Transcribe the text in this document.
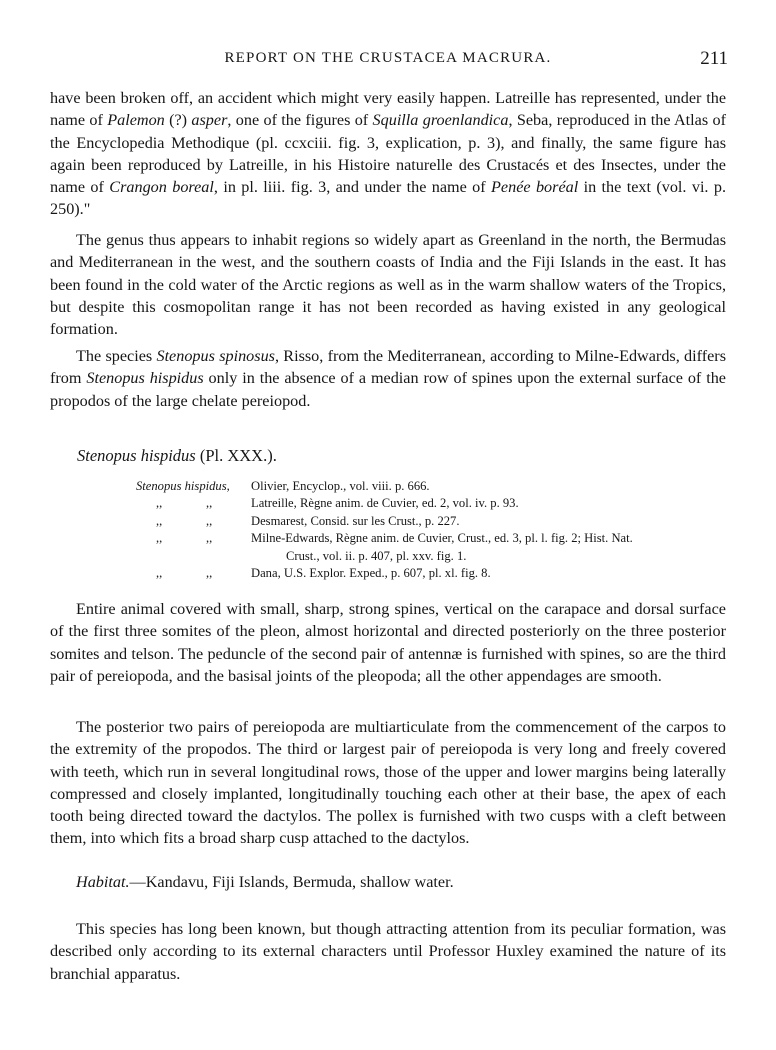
REPORT ON THE CRUSTACEA MACRURA.	211

have been broken off, an accident which might very easily happen. Latreille has represented, under the name of Palemon (?) asper, one of the figures of Squilla groenlandica, Seba, reproduced in the Atlas of the Encyclopedia Methodique (pl. ccxciii. fig. 3, explication, p. 3), and finally, the same figure has again been reproduced by Latreille, in his Histoire naturelle des Crustacés et des Insectes, under the name of Crangon boreal, in pl. liii. fig. 3, and under the name of Penée boréal in the text (vol. vi. p. 250)."

The genus thus appears to inhabit regions so widely apart as Greenland in the north, the Bermudas and Mediterranean in the west, and the southern coasts of India and the Fiji Islands in the east. It has been found in the cold water of the Arctic regions as well as in the warm shallow waters of the Tropics, but despite this cosmopolitan range it has not been recorded as having existed in any geological formation.

The species Stenopus spinosus, Risso, from the Mediterranean, according to Milne-Edwards, differs from Stenopus hispidus only in the absence of a median row of spines upon the external surface of the propodos of the large chelate pereiopod.

Stenopus hispidus (Pl. XXX.).
Stenopus hispidus,	Olivier, Encyclop., vol. viii. p. 666.
,,	,,	Latreille, Règne anim. de Cuvier, ed. 2, vol. iv. p. 93.
,,	,,	Desmarest, Consid. sur les Crust., p. 227.
,,	,,	Milne-Edwards, Règne anim. de Cuvier, Crust., ed. 3, pl. l. fig. 2; Hist. Nat.
Crust., vol. ii. p. 407, pl. xxv. fig. 1.
,,	,,	Dana, U.S. Explor. Exped., p. 607, pl. xl. fig. 8.

Entire animal covered with small, sharp, strong spines, vertical on the carapace and dorsal surface of the first three somites of the pleon, almost horizontal and directed posteriorly on the three posterior somites and telson. The peduncle of the second pair of antennæ is furnished with spines, so are the third pair of pereiopoda, and the basisal joints of the pleopoda; all the other appendages are smooth.

The posterior two pairs of pereiopoda are multiarticulate from the commencement of the carpos to the extremity of the propodos. The third or largest pair of pereiopoda is very long and freely covered with teeth, which run in several longitudinal rows, those of the upper and lower margins being laterally compressed and closely implanted, longitudinally touching each other at their base, the apex of each tooth being directed toward the dactylos. The pollex is furnished with two cusps with a cleft between them, into which fits a broad sharp cusp attached to the dactylos.

Habitat.—Kandavu, Fiji Islands, Bermuda, shallow water.

This species has long been known, but though attracting attention from its peculiar formation, was described only according to its external characters until Professor Huxley examined the nature of its branchial apparatus.
